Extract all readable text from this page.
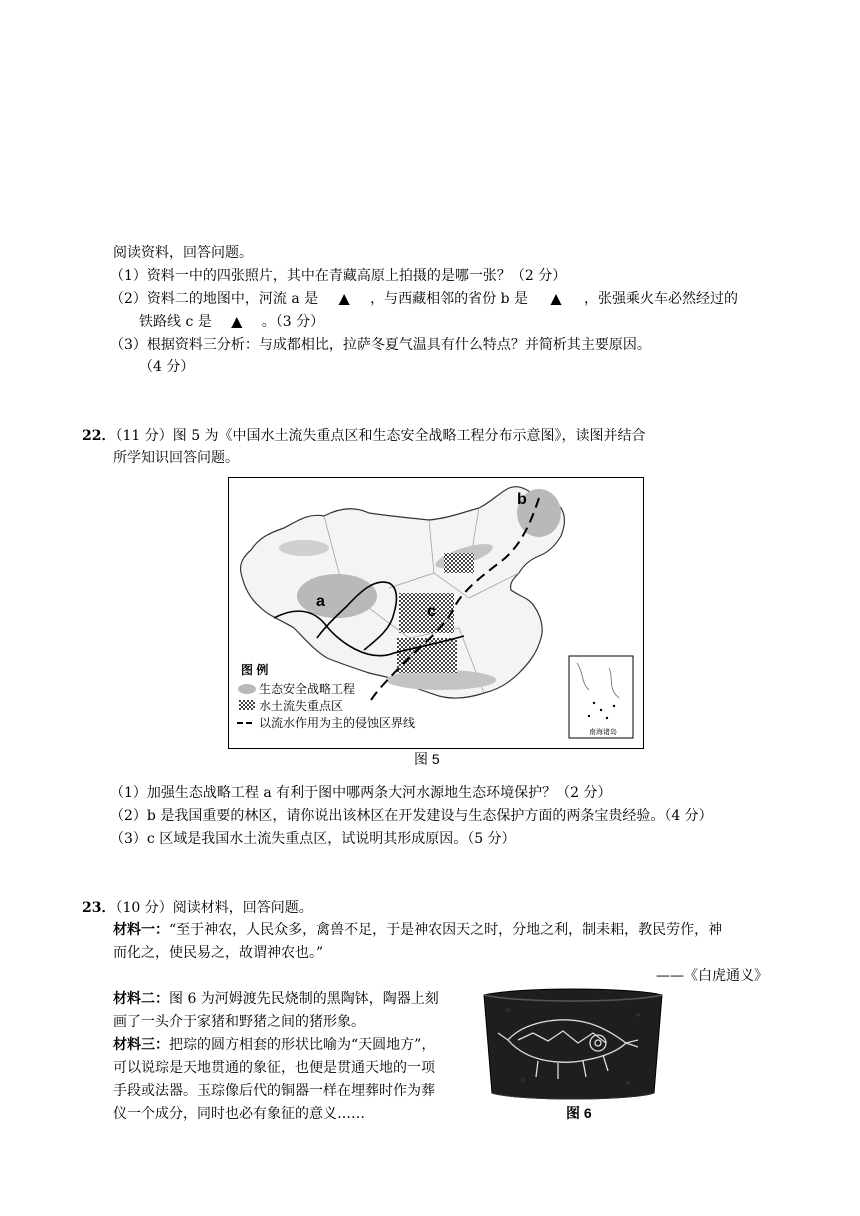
阅读资料，回答问题。
（1）资料一中的四张照片，其中在青藏高原上拍摄的是哪一张？（2 分）
（2）资料二的地图中，河流 a 是 ▲ ，与西藏相邻的省份 b 是 ▲ ，张强乘火车必然经过的
铁路线 c 是 ▲ 。（3 分）
（3）根据资料三分析：与成都相比，拉萨冬夏气温具有什么特点？并简析其主要原因。
（4 分）
22．（11 分）图 5 为《中国水土流失重点区和生态安全战略工程分布示意图》，读图并结合
所学知识回答问题。
a
b
c
图 例
生态安全战略工程
水土流失重点区
以流水作用为主的侵蚀区界线
南海诸岛
图 5
（1）加强生态战略工程 a 有利于图中哪两条大河水源地生态环境保护？（2 分）
（2）b 是我国重要的林区，请你说出该林区在开发建设与生态保护方面的两条宝贵经验。（4 分）
（3）c 区域是我国水土流失重点区，试说明其形成原因。（5 分）
23．（10 分）阅读材料，回答问题。
材料一：“至于神农，人民众多，禽兽不足，于是神农因天之时，分地之利，制耒耜，教民劳作，神
而化之，使民易之，故谓神农也。”
——《白虎通义》
材料二：图 6 为河姆渡先民烧制的黑陶钵，陶器上刻
画了一头介于家猪和野猪之间的猪形象。
材料三：把琮的圆方相套的形状比喻为“天圆地方”，
可以说琮是天地贯通的象征，也便是贯通天地的一项
手段或法器。玉琮像后代的铜器一样在埋葬时作为葬
仪一个成分，同时也必有象征的意义……	图 6
